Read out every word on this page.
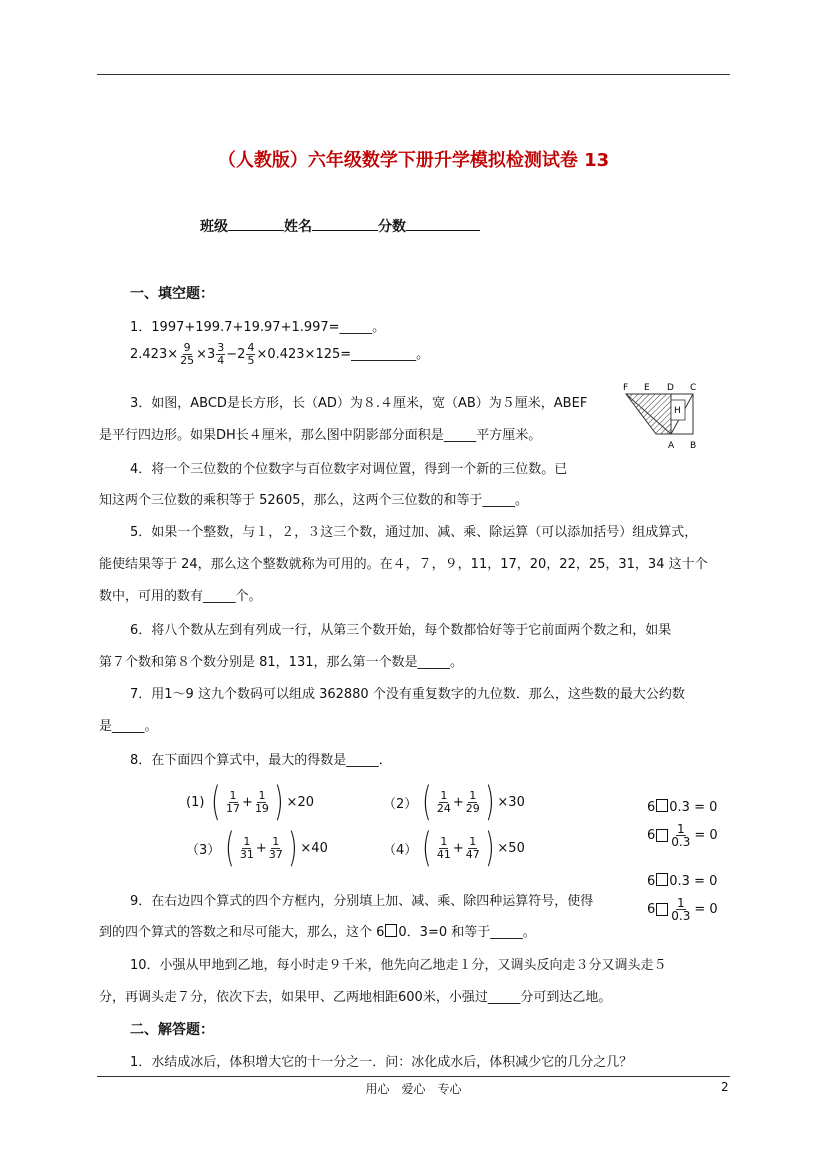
（人教版）六年级数学下册升学模拟检测试卷 13
班级	姓名	分数
一、填空题：
1．1997+199.7+19.97+1.997=_____。
$2.423\times \frac{9}{25} \times 3 \frac{3}{4} -2 \frac{4}{5}$ ×0.423×125=__________。
3．如图，ABCD是长方形，长（AD）为８.４厘米，宽（AB）为５厘米，ABEF
是平行四边形。如果DH长４厘米，那么图中阴影部分面积是_____平方厘米。
F E D C
H
A B
4．将一个三位数的个位数字与百位数字对调位置，得到一个新的三位数。已
知这两个三位数的乘积等于 52605，那么，这两个三位数的和等于_____。
5．如果一个整数，与１，２，３这三个数，通过加、减、乘、除运算（可以添加括号）组成算式，
能使结果等于 24，那么这个整数就称为可用的。在４，７，９，11，17，20，22，25，31，34 这十个
数中，可用的数有_____个。
6．将八个数从左到有列成一行，从第三个数开始，每个数都恰好等于它前面两个数之和，如果
第７个数和第８个数分别是 81，131，那么第一个数是_____。
7．用1～9 这九个数码可以组成 362880 个没有重复数字的九位数．那么，这些数的最大公约数
是_____。
8．在下面四个算式中，最大的得数是_____．
(1) ( $\frac{1}{17} + \frac{1}{19}$ ) ×20	（2） ( $\frac{1}{24} + \frac{1}{29}$ ) ×30
（3） ( $\frac{1}{31} + \frac{1}{37}$ ) ×40	（4） ( $\frac{1}{41} + \frac{1}{47}$ ) ×50
6 0.3 = 0
$6 \frac{1}{0.3} = 0$
6 0.3 = 0
$6 \frac{1}{0.3} = 0$
9．在右边四个算式的四个方框内，分别填上加、减、乘、除四种运算符号，使得
到的四个算式的答数之和尽可能大，那么，这个 6 0．3=0 和等于_____。
10．小强从甲地到乙地，每小时走９千米，他先向乙地走１分，又调头反向走３分又调头走５
分，再调头走７分，依次下去，如果甲、乙两地相距600米，小强过_____分可到达乙地。
二、解答题：
1．水结成冰后，体积增大它的十一分之一．问：冰化成水后，体积减少它的几分之几？
用心　爱心　专心	2
